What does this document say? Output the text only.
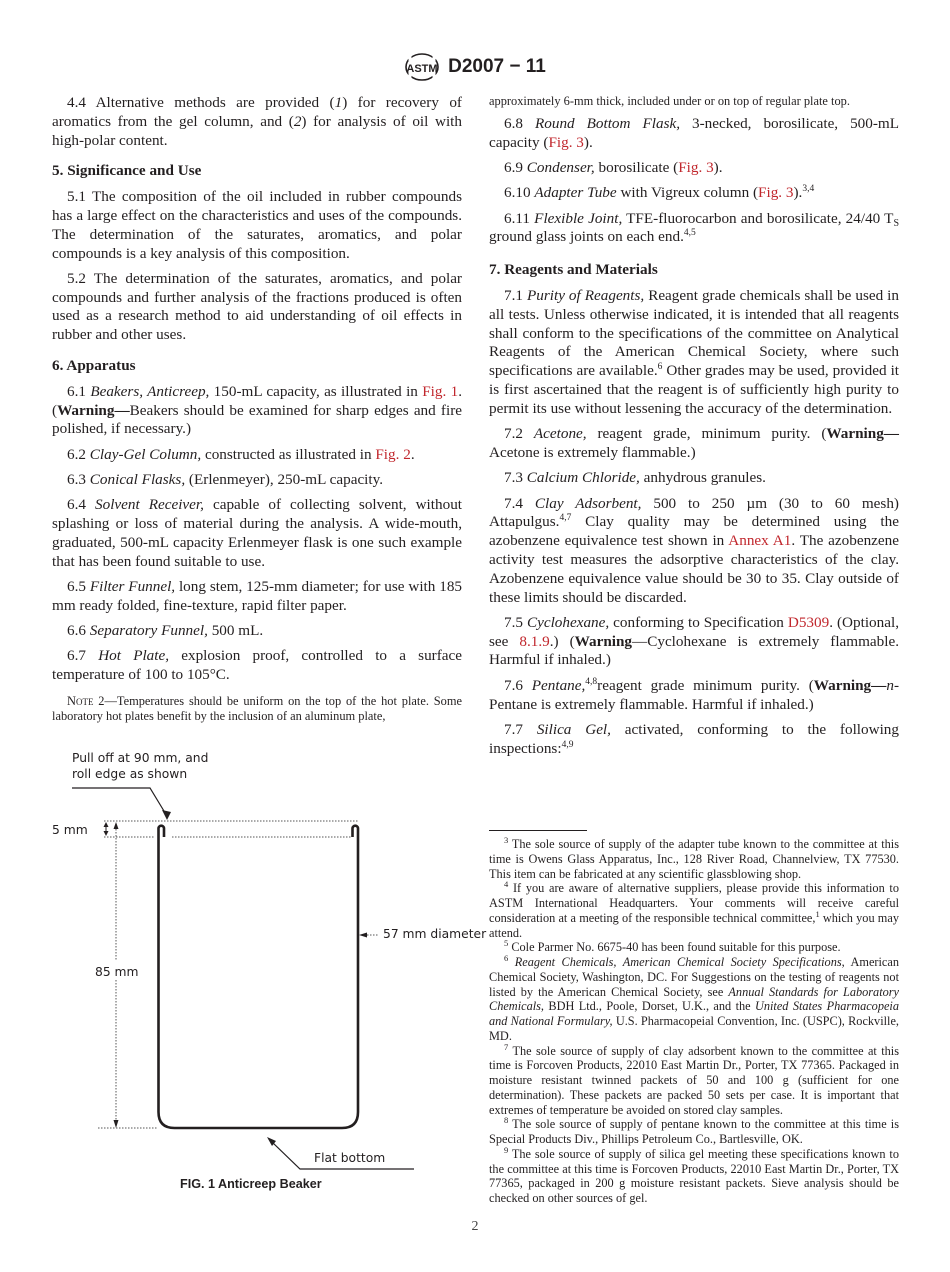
ASTM D2007 − 11

4.4 Alternative methods are provided (1) for recovery of aromatics from the gel column, and (2) for analysis of oil with high-polar content.

5. Significance and Use

5.1 The composition of the oil included in rubber compounds has a large effect on the characteristics and uses of the compounds. The determination of the saturates, aromatics, and polar compounds is a key analysis of this composition.

5.2 The determination of the saturates, aromatics, and polar compounds and further analysis of the fractions produced is often used as a research method to aid understanding of oil effects in rubber and other uses.

6. Apparatus

6.1 Beakers, Anticreep, 150-mL capacity, as illustrated in Fig. 1. (Warning—Beakers should be examined for sharp edges and fire polished, if necessary.)

6.2 Clay-Gel Column, constructed as illustrated in Fig. 2.

6.3 Conical Flasks, (Erlenmeyer), 250-mL capacity.

6.4 Solvent Receiver, capable of collecting solvent, without splashing or loss of material during the analysis. A wide-mouth, graduated, 500-mL capacity Erlenmeyer flask is one such example that has been found suitable to use.

6.5 Filter Funnel, long stem, 125-mm diameter; for use with 185 mm ready folded, fine-texture, rapid filter paper.

6.6 Separatory Funnel, 500 mL.

6.7 Hot Plate, explosion proof, controlled to a surface temperature of 100 to 105°C.

Note 2—Temperatures should be uniform on the top of the hot plate. Some laboratory hot plates benefit by the inclusion of an aluminum plate,

Pull off at 90 mm, and
roll edge as shown
5 mm
85 mm
57 mm diameter
Flat bottom
FIG. 1 Anticreep Beaker

approximately 6-mm thick, included under or on top of regular plate top.

6.8 Round Bottom Flask, 3-necked, borosilicate, 500-mL capacity (Fig. 3).

6.9 Condenser, borosilicate (Fig. 3).

6.10 Adapter Tube with Vigreux column (Fig. 3).$^{3,4}$

6.11 Flexible Joint, TFE-fluorocarbon and borosilicate, 24/40 $T_S$ ground glass joints on each end.$^{4,5}$

7. Reagents and Materials

7.1 Purity of Reagents, Reagent grade chemicals shall be used in all tests. Unless otherwise indicated, it is intended that all reagents shall conform to the specifications of the committee on Analytical Reagents of the American Chemical Society, where such specifications are available.$^6$ Other grades may be used, provided it is first ascertained that the reagent is of sufficiently high purity to permit its use without lessening the accuracy of the determination.

7.2 Acetone, reagent grade, minimum purity. (Warning—Acetone is extremely flammable.)

7.3 Calcium Chloride, anhydrous granules.

7.4 Clay Adsorbent, 500 to 250 µm (30 to 60 mesh) Attapulgus.$^{4,7}$ Clay quality may be determined using the azobenzene equivalence test shown in Annex A1. The azobenzene activity test measures the adsorptive characteristics of the clay. Azobenzene equivalence value should be 30 to 35. Clay outside of these limits should be discarded.

7.5 Cyclohexane, conforming to Specification D5309. (Optional, see 8.1.9.) (Warning—Cyclohexane is extremely flammable. Harmful if inhaled.)

7.6 Pentane,$^{4,8}$reagent grade minimum purity. (Warning—n-Pentane is extremely flammable. Harmful if inhaled.)

7.7 Silica Gel, activated, conforming to the following inspections:$^{4,9}$

$^3$ The sole source of supply of the adapter tube known to the committee at this time is Owens Glass Apparatus, Inc., 128 River Road, Channelview, TX 77530. This item can be fabricated at any scientific glassblowing shop.

$^4$ If you are aware of alternative suppliers, please provide this information to ASTM International Headquarters. Your comments will receive careful consideration at a meeting of the responsible technical committee,$^1$ which you may attend.

$^5$ Cole Parmer No. 6675-40 has been found suitable for this purpose.

$^6$ Reagent Chemicals, American Chemical Society Specifications, American Chemical Society, Washington, DC. For Suggestions on the testing of reagents not listed by the American Chemical Society, see Annual Standards for Laboratory Chemicals, BDH Ltd., Poole, Dorset, U.K., and the United States Pharmacopeia and National Formulary, U.S. Pharmacopeial Convention, Inc. (USPC), Rockville, MD.

$^7$ The sole source of supply of clay adsorbent known to the committee at this time is Forcoven Products, 22010 East Martin Dr., Porter, TX 77365. Packaged in moisture resistant twinned packets of 50 and 100 g (sufficient for one determination). These packets are packed 50 sets per case. It is important that extremes of temperature be avoided on stored clay samples.

$^8$ The sole source of supply of pentane known to the committee at this time is Special Products Div., Phillips Petroleum Co., Bartlesville, OK.

$^9$ The sole source of supply of silica gel meeting these specifications known to the committee at this time is Forcoven Products, 22010 East Martin Dr., Porter, TX 77365, packaged in 200 g moisture resistant packets. Sieve analysis should be checked on other sources of gel.

2
